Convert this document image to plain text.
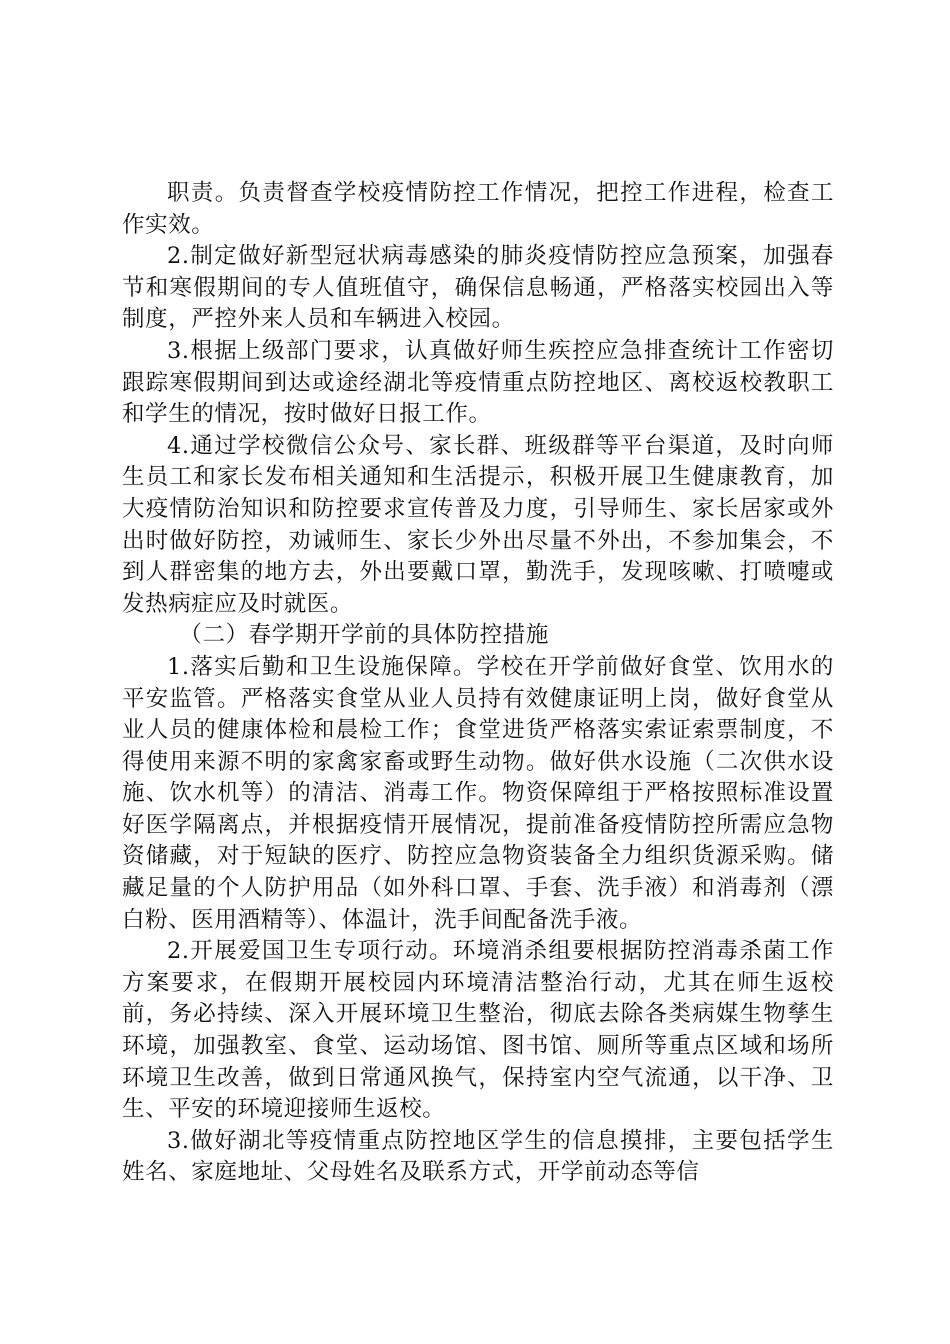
职责。负责督查学校疫情防控工作情况，把控工作进程，检查工作实效。

2.制定做好新型冠状病毒感染的肺炎疫情防控应急预案，加强春节和寒假期间的专人值班值守，确保信息畅通，严格落实校园出入等制度，严控外来人员和车辆进入校园。

3.根据上级部门要求，认真做好师生疾控应急排查统计工作密切跟踪寒假期间到达或途经湖北等疫情重点防控地区、离校返校教职工和学生的情况，按时做好日报工作。

4.通过学校微信公众号、家长群、班级群等平台渠道，及时向师生员工和家长发布相关通知和生活提示，积极开展卫生健康教育，加大疫情防治知识和防控要求宣传普及力度，引导师生、家长居家或外出时做好防控，劝诫师生、家长少外出尽量不外出，不参加集会，不到人群密集的地方去，外出要戴口罩，勤洗手，发现咳嗽、打喷嚏或发热病症应及时就医。

（二）春学期开学前的具体防控措施

1.落实后勤和卫生设施保障。学校在开学前做好食堂、饮用水的平安监管。严格落实食堂从业人员持有效健康证明上岗，做好食堂从业人员的健康体检和晨检工作；食堂进货严格落实索证索票制度，不得使用来源不明的家禽家畜或野生动物。做好供水设施（二次供水设施、饮水机等）的清洁、消毒工作。物资保障组于严格按照标准设置好医学隔离点，并根据疫情开展情况，提前准备疫情防控所需应急物资储藏，对于短缺的医疗、防控应急物资装备全力组织货源采购。储藏足量的个人防护用品（如外科口罩、手套、洗手液）和消毒剂（漂白粉、医用酒精等）、体温计，洗手间配备洗手液。

2.开展爱国卫生专项行动。环境消杀组要根据防控消毒杀菌工作方案要求，在假期开展校园内环境清洁整治行动，尤其在师生返校前，务必持续、深入开展环境卫生整治，彻底去除各类病媒生物孳生环境，加强教室、食堂、运动场馆、图书馆、厕所等重点区域和场所环境卫生改善，做到日常通风换气，保持室内空气流通，以干净、卫生、平安的环境迎接师生返校。

3.做好湖北等疫情重点防控地区学生的信息摸排，主要包括学生姓名、家庭地址、父母姓名及联系方式，开学前动态等信
